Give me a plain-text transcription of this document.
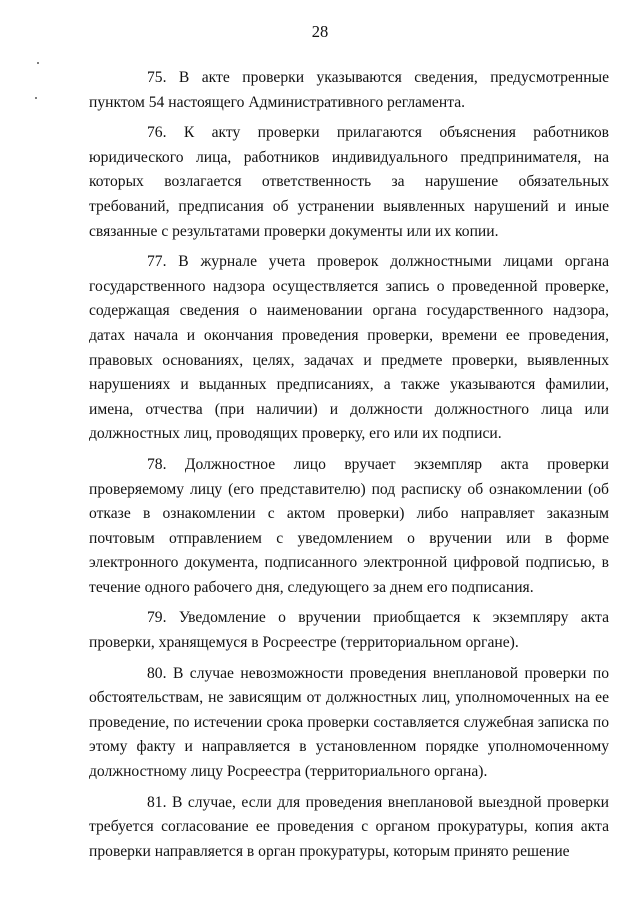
28

75. В акте проверки указываются сведения, предусмотренные пунктом 54 настоящего Административного регламента.

76. К акту проверки прилагаются объяснения работников юридического лица, работников индивидуального предпринимателя, на которых возлагается ответственность за нарушение обязательных требований, предписания об устранении выявленных нарушений и иные связанные с результатами проверки документы или их копии.

77. В журнале учета проверок должностными лицами органа государственного надзора осуществляется запись о проведенной проверке, содержащая сведения о наименовании органа государственного надзора, датах начала и окончания проведения проверки, времени ее проведения, правовых основаниях, целях, задачах и предмете проверки, выявленных нарушениях и выданных предписаниях, а также указываются фамилии, имена, отчества (при наличии) и должности должностного лица или должностных лиц, проводящих проверку, его или их подписи.

78. Должностное лицо вручает экземпляр акта проверки проверяемому лицу (его представителю) под расписку об ознакомлении (об отказе в ознакомлении с актом проверки) либо направляет заказным почтовым отправлением с уведомлением о вручении или в форме электронного документа, подписанного электронной цифровой подписью, в течение одного рабочего дня, следующего за днем его подписания.

79. Уведомление о вручении приобщается к экземпляру акта проверки, хранящемуся в Росреестре (территориальном органе).

80. В случае невозможности проведения внеплановой проверки по обстоятельствам, не зависящим от должностных лиц, уполномоченных на ее проведение, по истечении срока проверки составляется служебная записка по этому факту и направляется в установленном порядке уполномоченному должностному лицу Росреестра (территориального органа).

81. В случае, если для проведения внеплановой выездной проверки требуется согласование ее проведения с органом прокуратуры, копия акта проверки направляется в орган прокуратуры, которым принято решение
